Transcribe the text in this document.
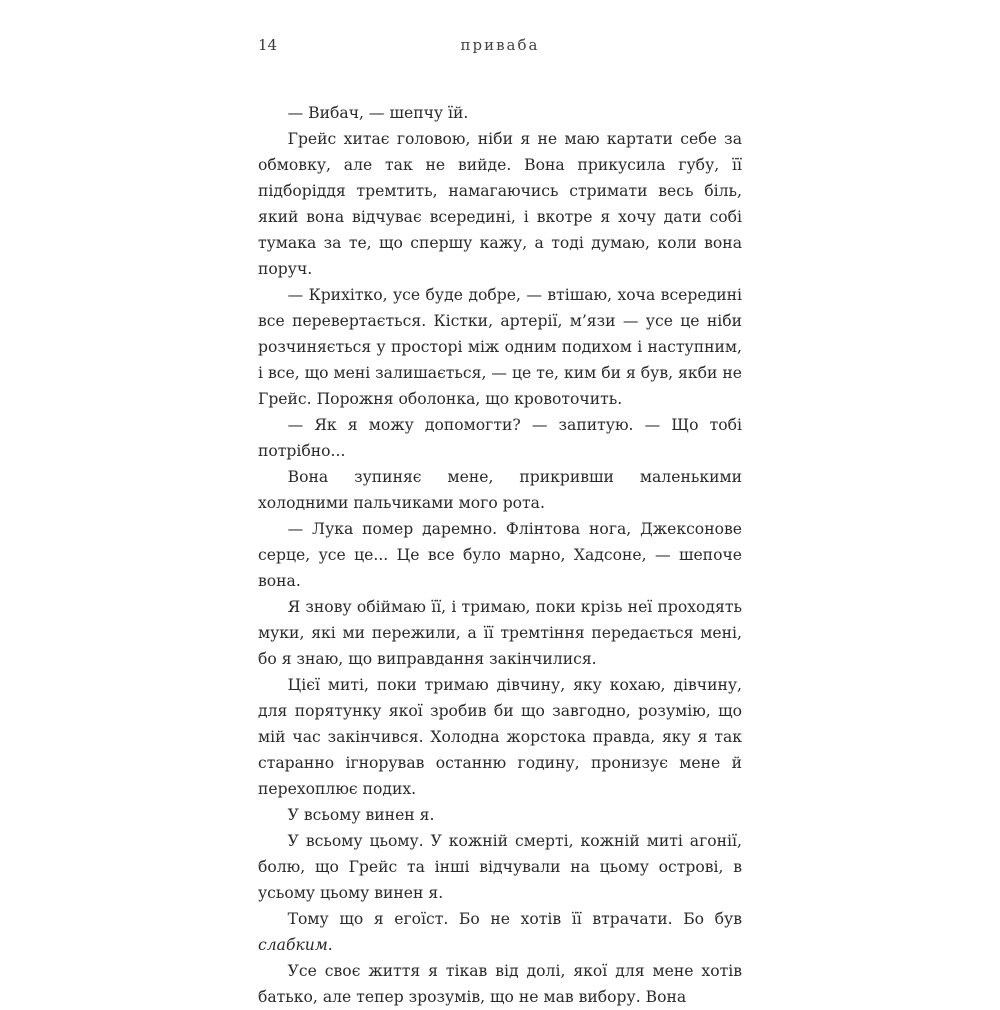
14	приваба

— Вибач, — шепчу їй.

Грейс хитає головою, ніби я не маю картати себе за обмовку, але так не вийде. Вона прикусила губу, її підборіддя тремтить, намагаючись стримати весь біль, який вона відчуває всередині, і вкотре я хочу дати собі тумака за те, що спершу кажу, а тоді думаю, коли вона поруч.

— Крихітко, усе буде добре, — втішаю, хоча всередині все перевертається. Кістки, артерії, м’язи — усе це ніби розчиняється у просторі між одним подихом і наступним, і все, що мені залишається, — це те, ким би я був, якби не Грейс. Порожня оболонка, що кровоточить.

— Як я можу допомогти? — запитую. — Що тобі потрібно...

Вона зупиняє мене, прикривши маленькими холодними пальчиками мого рота.

— Лука помер даремно. Флінтова нога, Джексонове серце, усе це... Це все було марно, Хадсоне, — шепоче вона.

Я знову обіймаю її, і тримаю, поки крізь неї проходять муки, які ми пережили, а її тремтіння передається мені, бо я знаю, що виправдання закінчилися.

Цієї миті, поки тримаю дівчину, яку кохаю, дівчину, для порятунку якої зробив би що завгодно, розумію, що мій час закінчився. Холодна жорстока правда, яку я так старанно ігнорував останню годину, пронизує мене й перехоплює подих.

У всьому винен я.

У всьому цьому. У кожній смерті, кожній миті агонії, болю, що Грейс та інші відчували на цьому острові, в усьому цьому винен я.

Тому що я егоїст. Бо не хотів її втрачати. Бо був слабким.

Усе своє життя я тікав від долі, якої для мене хотів батько, але тепер зрозумів, що не мав вибору. Вона
